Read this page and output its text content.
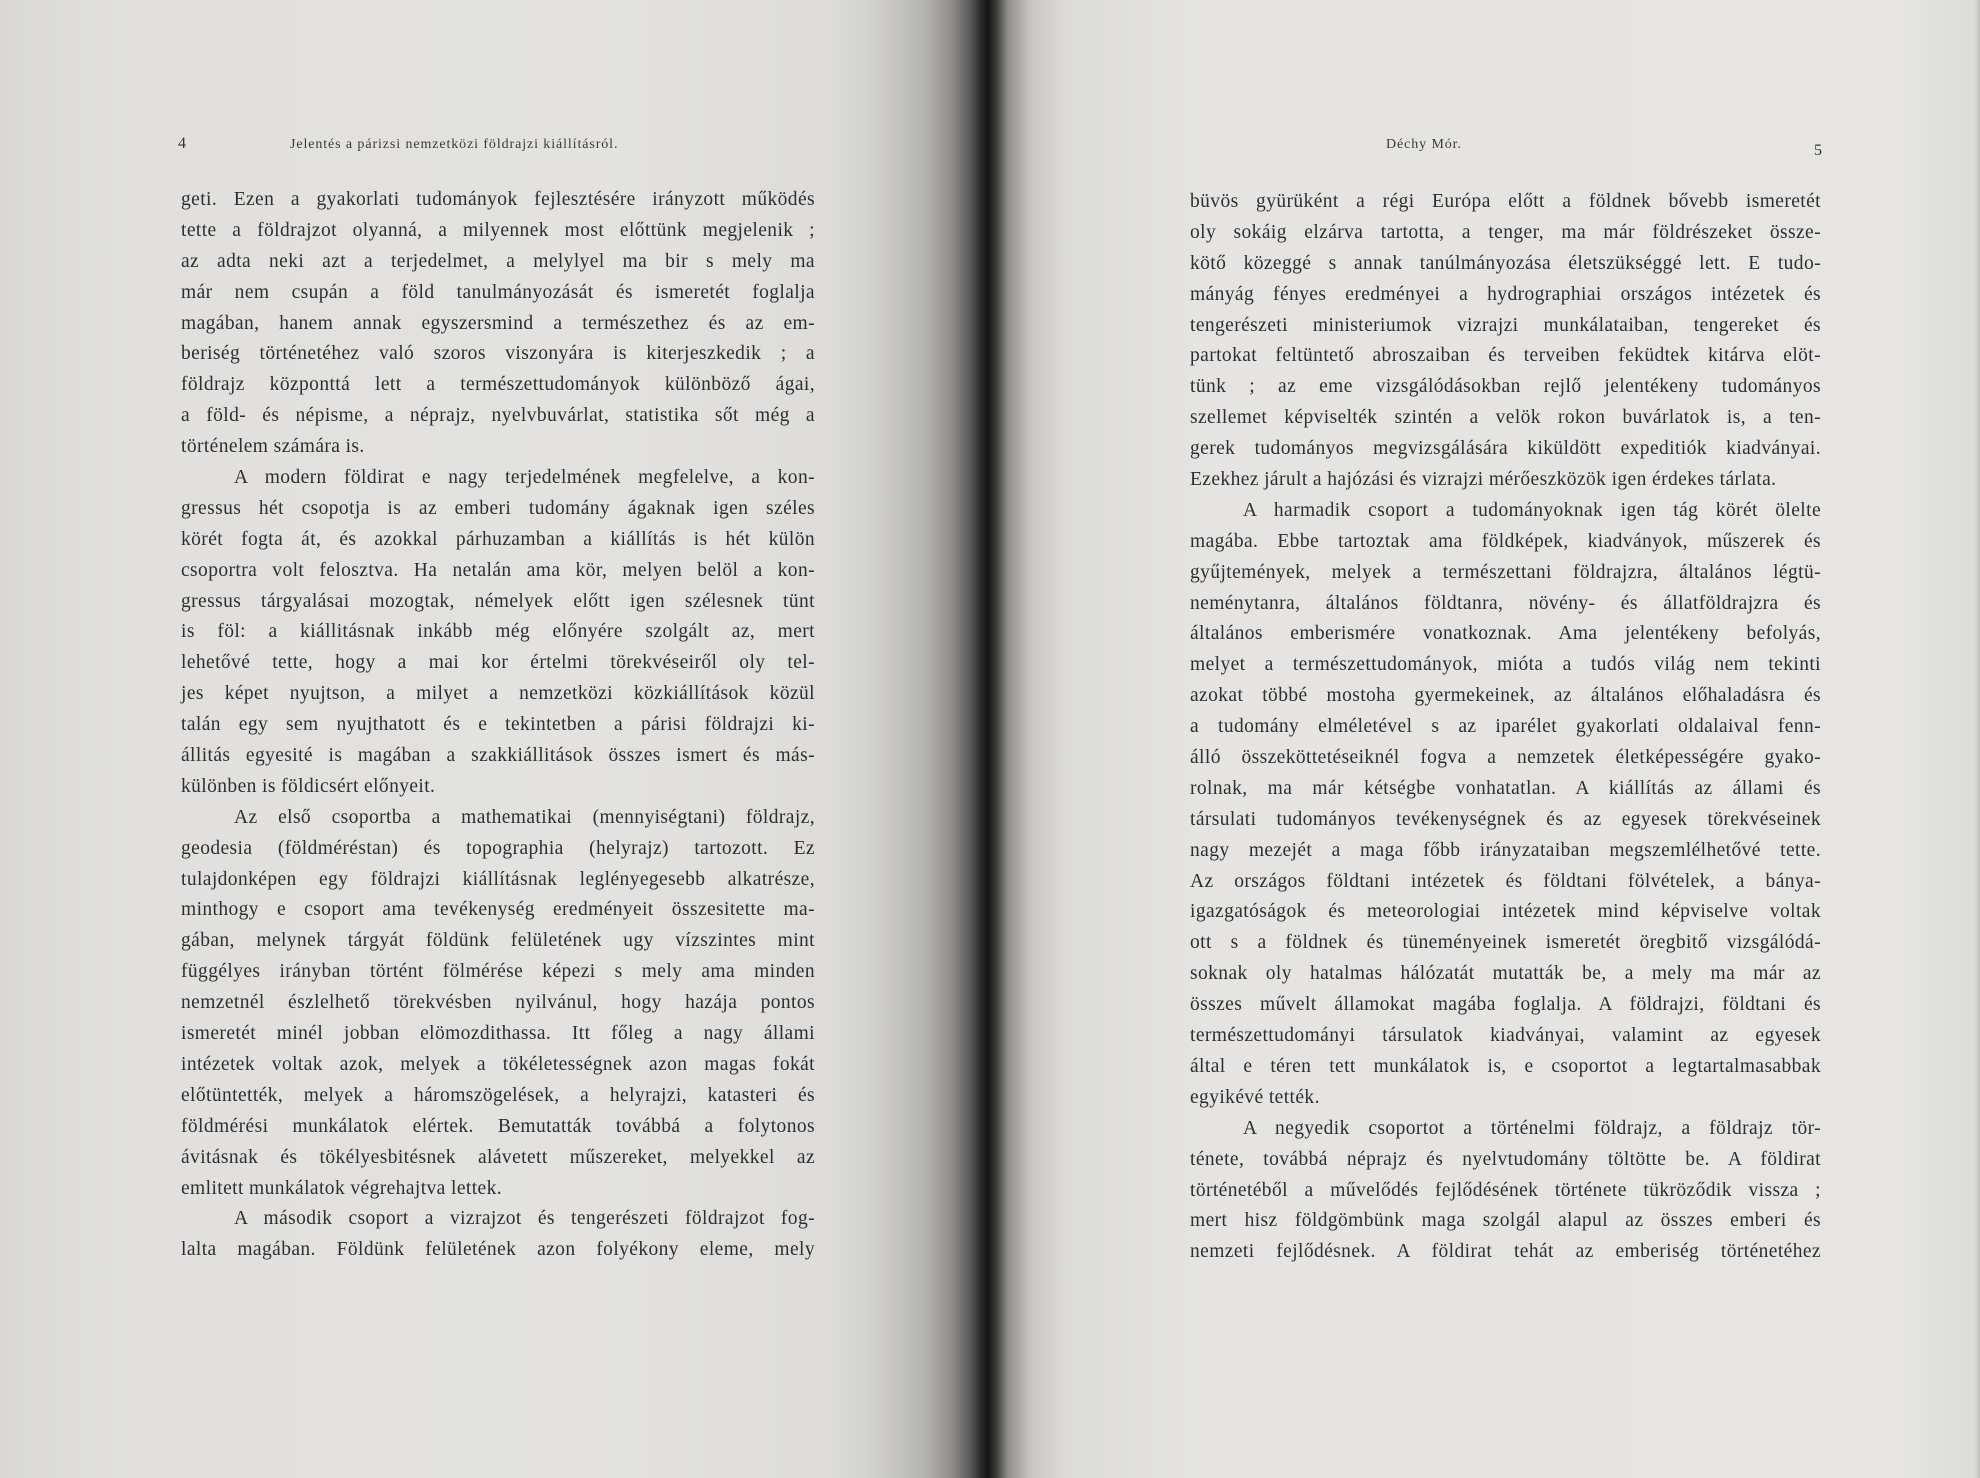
4	Jelentés a párizsi nemzetközi földrajzi kiállításról.
geti. Ezen a gyakorlati tudományok fejlesztésére irányzott működés
tette a földrajzot olyanná, a milyennek most előttünk megjelenik ;
az adta neki azt a terjedelmet, a melylyel ma bir s mely ma
már nem csupán a föld tanulmányozását és ismeretét foglalja
magában, hanem annak egyszersmind a természethez és az em-
beriség történetéhez való szoros viszonyára is kiterjeszkedik ; a
földrajz központtá lett a természettudományok különböző ágai,
a föld- és népisme, a néprajz, nyelvbuvárlat, statistika sőt még a
történelem számára is.
A modern földirat e nagy terjedelmének megfelelve, a kon-
gressus hét csopotja is az emberi tudomány ágaknak igen széles
körét fogta át, és azokkal párhuzamban a kiállítás is hét külön
csoportra volt felosztva. Ha netalán ama kör, melyen belöl a kon-
gressus tárgyalásai mozogtak, némelyek előtt igen szélesnek tünt
is föl: a kiállitásnak inkább még előnyére szolgált az, mert
lehetővé tette, hogy a mai kor értelmi törekvéseiről oly tel-
jes képet nyujtson, a milyet a nemzetközi közkiállítások közül
talán egy sem nyujthatott és e tekintetben a párisi földrajzi ki-
állitás egyesité is magában a szakkiállitások összes ismert és más-
különben is földicsért előnyeit.
Az első csoportba a mathematikai (mennyiségtani) földrajz,
geodesia (földméréstan) és topographia (helyrajz) tartozott. Ez
tulajdonképen egy földrajzi kiállításnak leglényegesebb alkatrésze,
minthogy e csoport ama tevékenység eredményeit összesitette ma-
gában, melynek tárgyát földünk felületének ugy vízszintes mint
függélyes irányban történt fölmérése képezi s mely ama minden
nemzetnél észlelhető törekvésben nyilvánul, hogy hazája pontos
ismeretét minél jobban elömozdithassa. Itt főleg a nagy állami
intézetek voltak azok, melyek a tökéletességnek azon magas fokát
előtüntették, melyek a háromszögelések, a helyrajzi, katasteri és
földmérési munkálatok elértek. Bemutatták továbbá a folytonos
ávitásnak és tökélyesbitésnek alávetett műszereket, melyekkel az
emlitett munkálatok végrehajtva lettek.
A második csoport a vizrajzot és tengerészeti földrajzot fog-
lalta magában. Földünk felületének azon folyékony eleme, mely
Déchy Mór.	5
büvös gyürüként a régi Európa előtt a földnek bővebb ismeretét
oly sokáig elzárva tartotta, a tenger, ma már földrészeket össze-
kötő közeggé s annak tanúlmányozása életszükséggé lett. E tudo-
mányág fényes eredményei a hydrographiai országos intézetek és
tengerészeti ministeriumok vizrajzi munkálataiban, tengereket és
partokat feltüntető abroszaiban és terveiben feküdtek kitárva elöt-
tünk ; az eme vizsgálódásokban rejlő jelentékeny tudományos
szellemet képviselték szintén a velök rokon buvárlatok is, a ten-
gerek tudományos megvizsgálására kiküldött expeditiók kiadványai.
Ezekhez járult a hajózási és vizrajzi mérőeszközök igen érdekes tárlata.
A harmadik csoport a tudományoknak igen tág körét ölelte
magába. Ebbe tartoztak ama földképek, kiadványok, műszerek és
gyűjtemények, melyek a természettani földrajzra, általános légtü-
neménytanra, általános földtanra, növény- és állatföldrajzra és
általános emberismére vonatkoznak. Ama jelentékeny befolyás,
melyet a természettudományok, mióta a tudós világ nem tekinti
azokat többé mostoha gyermekeinek, az általános előhaladásra és
a tudomány elméletével s az iparélet gyakorlati oldalaival fenn-
álló összeköttetéseiknél fogva a nemzetek életképességére gyako-
rolnak, ma már kétségbe vonhatatlan. A kiállítás az állami és
társulati tudományos tevékenységnek és az egyesek törekvéseinek
nagy mezejét a maga főbb irányzataiban megszemlélhetővé tette.
Az országos földtani intézetek és földtani fölvételek, a bánya-
igazgatóságok és meteorologiai intézetek mind képviselve voltak
ott s a földnek és tüneményeinek ismeretét öregbitő vizsgálódá-
soknak oly hatalmas hálózatát mutatták be, a mely ma már az
összes művelt államokat magába foglalja. A földrajzi, földtani és
természettudományi társulatok kiadványai, valamint az egyesek
által e téren tett munkálatok is, e csoportot a legtartalmasabbak
egyikévé tették.
A negyedik csoportot a történelmi földrajz, a földrajz tör-
ténete, továbbá néprajz és nyelvtudomány töltötte be. A földirat
történetéből a művelődés fejlődésének története tükröződik vissza ;
mert hisz földgömbünk maga szolgál alapul az összes emberi és
nemzeti fejlődésnek. A földirat tehát az emberiség történetéhez
